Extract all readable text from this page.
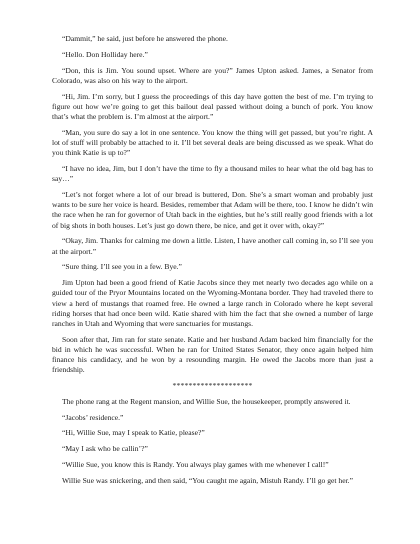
“Dammit,” he said, just before he answered the phone.

“Hello. Don Holliday here.”

“Don, this is Jim. You sound upset. Where are you?” James Upton asked. James, a Senator from Colorado, was also on his way to the airport.

“Hi, Jim. I’m sorry, but I guess the proceedings of this day have gotten the best of me. I’m trying to figure out how we’re going to get this bailout deal passed without doing a bunch of pork. You know that’s what the problem is. I’m almost at the airport.”

“Man, you sure do say a lot in one sentence. You know the thing will get passed, but you’re right. A lot of stuff will probably be attached to it. I’ll bet several deals are being discussed as we speak. What do you think Katie is up to?”

“I have no idea, Jim, but I don’t have the time to fly a thousand miles to hear what the old bag has to say…”

“Let’s not forget where a lot of our bread is buttered, Don. She’s a smart woman and probably just wants to be sure her voice is heard. Besides, remember that Adam will be there, too. I know he didn’t win the race when he ran for governor of Utah back in the eighties, but he’s still really good friends with a lot of big shots in both houses. Let’s just go down there, be nice, and get it over with, okay?”

“Okay, Jim. Thanks for calming me down a little. Listen, I have another call coming in, so I’ll see you at the airport.”

“Sure thing. I’ll see you in a few. Bye.”

Jim Upton had been a good friend of Katie Jacobs since they met nearly two decades ago while on a guided tour of the Pryor Mountains located on the Wyoming-Montana border. They had traveled there to view a herd of mustangs that roamed free. He owned a large ranch in Colorado where he kept several riding horses that had once been wild. Katie shared with him the fact that she owned a number of large ranches in Utah and Wyoming that were sanctuaries for mustangs.

Soon after that, Jim ran for state senate. Katie and her husband Adam backed him financially for the bid in which he was successful. When he ran for United States Senator, they once again helped him finance his candidacy, and he won by a resounding margin. He owed the Jacobs more than just a friendship.

********************

The phone rang at the Regent mansion, and Willie Sue, the housekeeper, promptly answered it.

“Jacobs’ residence.”

“Hi, Willie Sue, may I speak to Katie, please?”

“May I ask who be callin’?”

“Willie Sue, you know this is Randy. You always play games with me whenever I call!”

Willie Sue was snickering, and then said, “You caught me again, Mistuh Randy. I’ll go get her.”
